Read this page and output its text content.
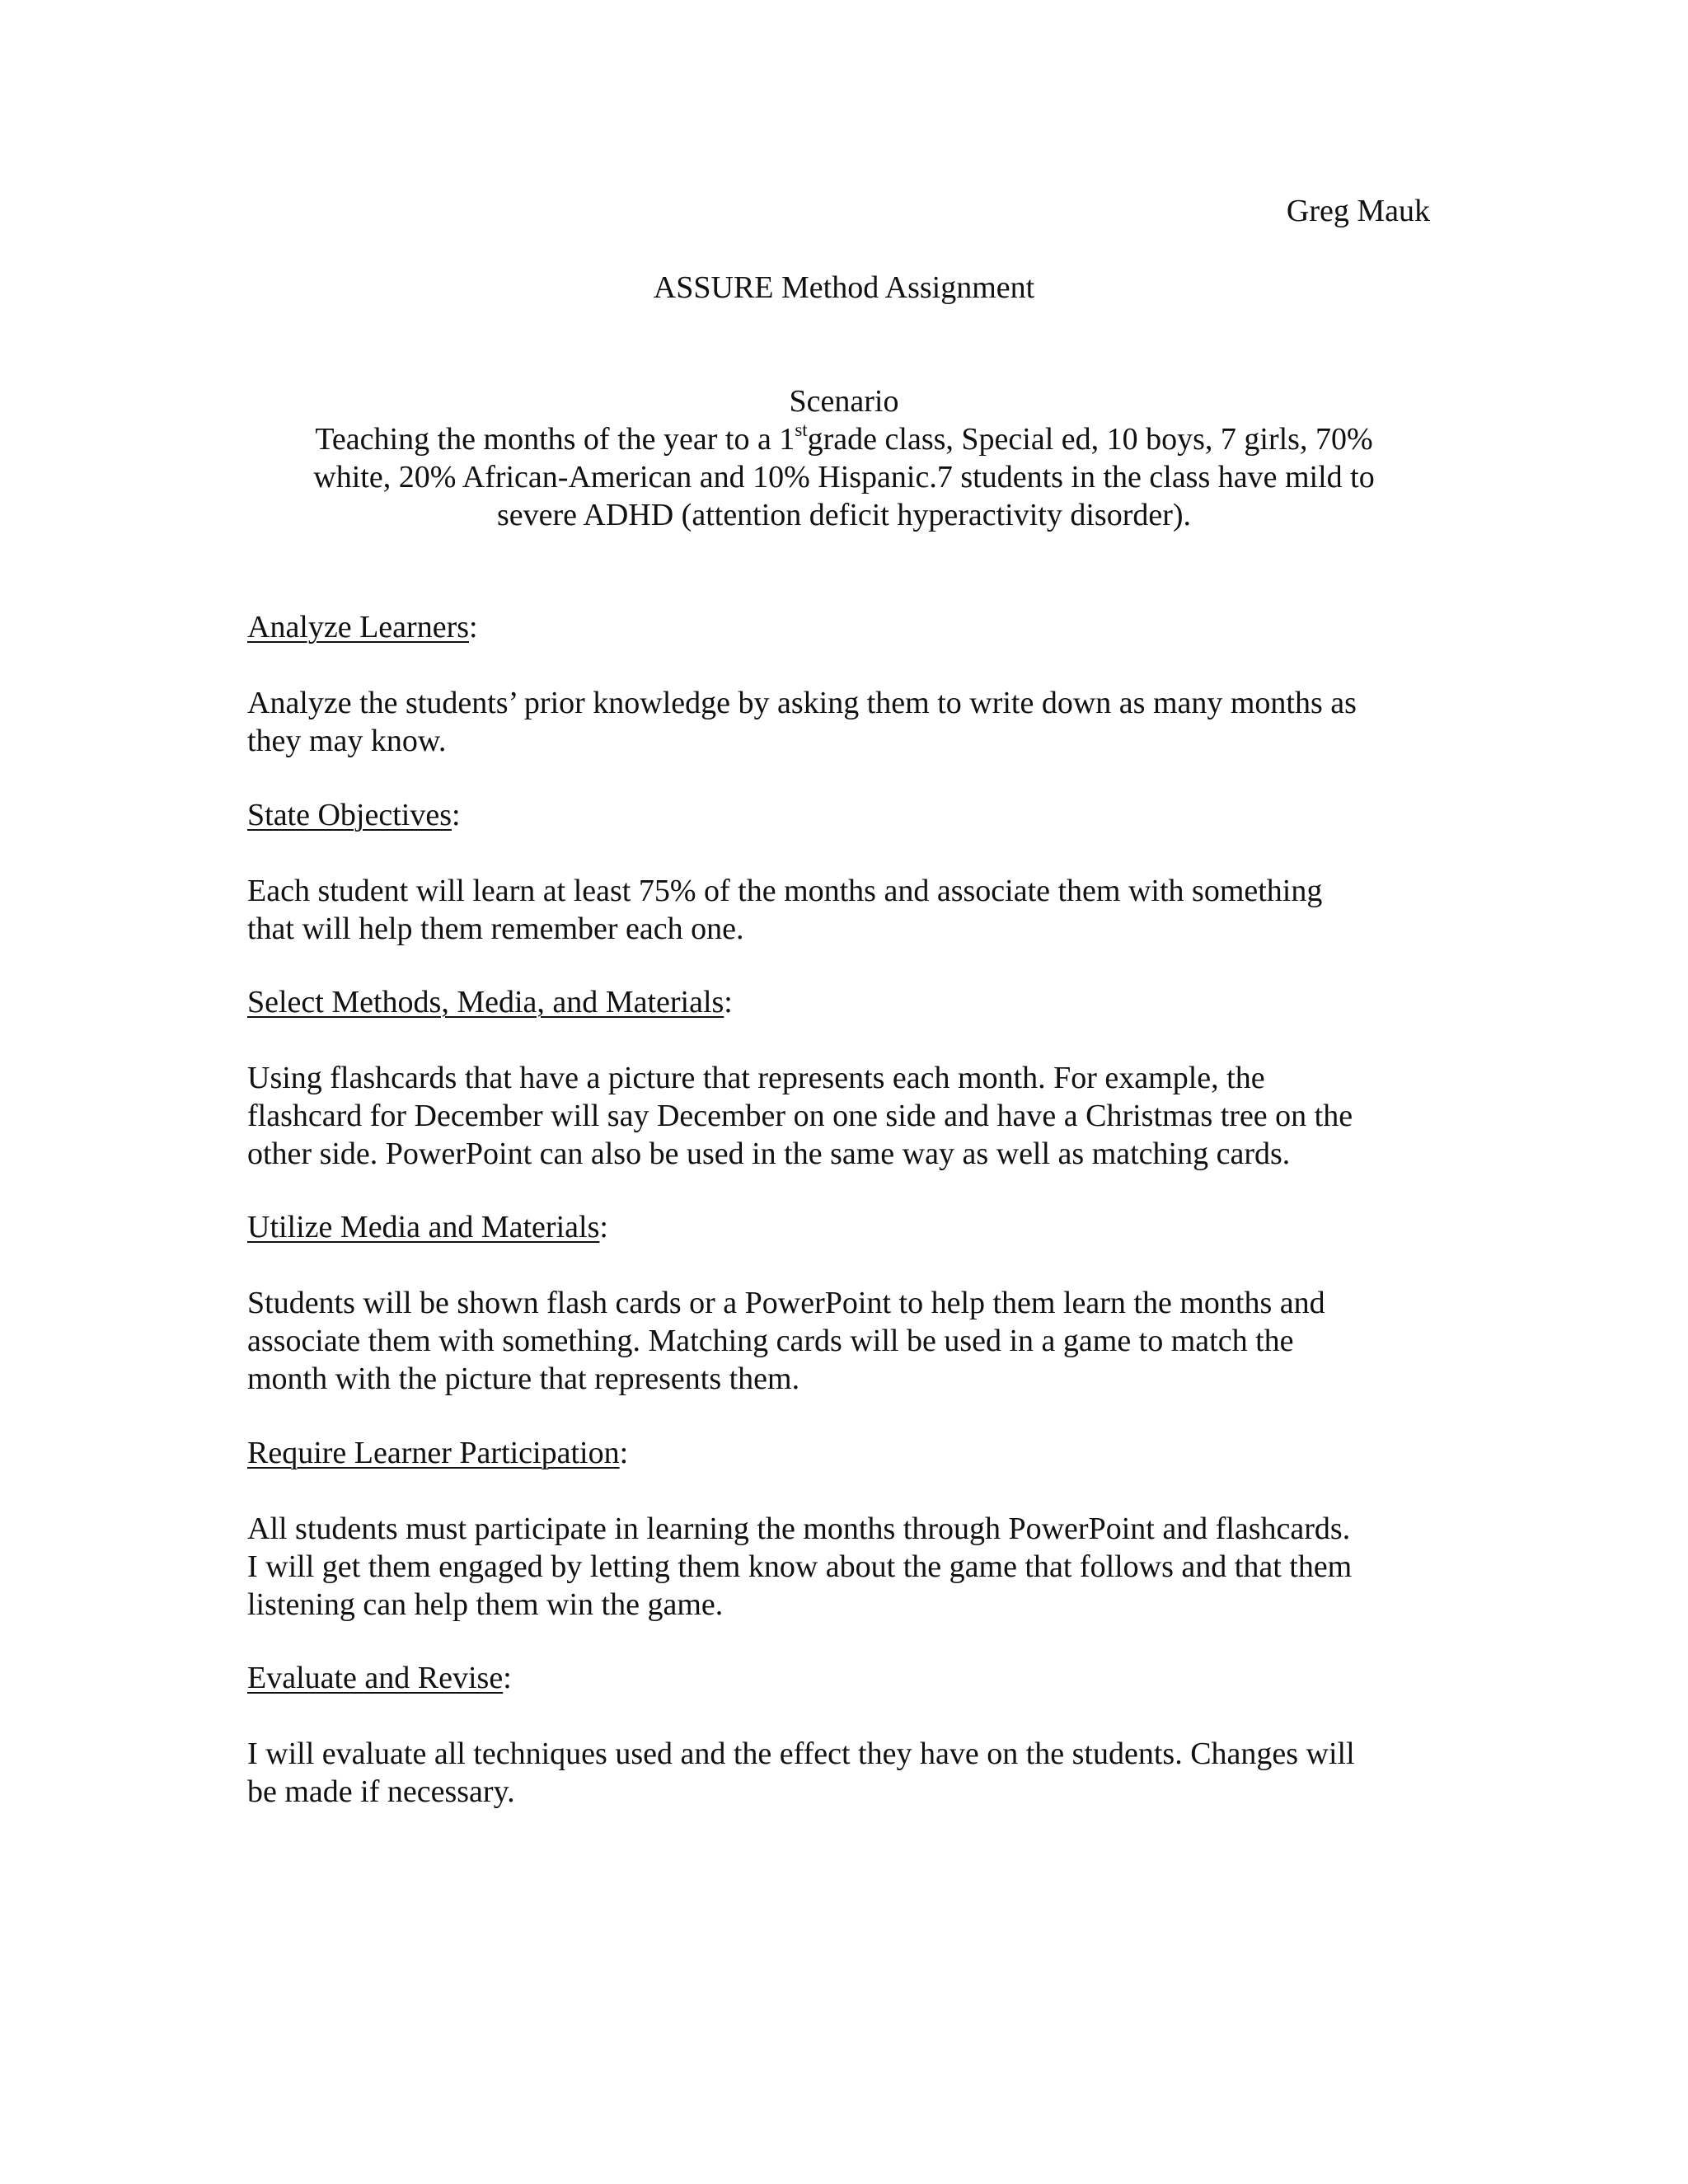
Greg Mauk
ASSURE Method Assignment
Scenario
Teaching the months of the year to a 1stgrade class, Special ed, 10 boys, 7 girls, 70%
white, 20% African-American and 10% Hispanic.7 students in the class have mild to
severe ADHD (attention deficit hyperactivity disorder).
Analyze Learners:
Analyze the students’ prior knowledge by asking them to write down as many months as
they may know.
State Objectives:
Each student will learn at least 75% of the months and associate them with something
that will help them remember each one.
Select Methods, Media, and Materials:
Using flashcards that have a picture that represents each month. For example, the
flashcard for December will say December on one side and have a Christmas tree on the
other side. PowerPoint can also be used in the same way as well as matching cards.
Utilize Media and Materials:
Students will be shown flash cards or a PowerPoint to help them learn the months and
associate them with something. Matching cards will be used in a game to match the
month with the picture that represents them.
Require Learner Participation:
All students must participate in learning the months through PowerPoint and flashcards.
I will get them engaged by letting them know about the game that follows and that them
listening can help them win the game.
Evaluate and Revise:
I will evaluate all techniques used and the effect they have on the students. Changes will
be made if necessary.
